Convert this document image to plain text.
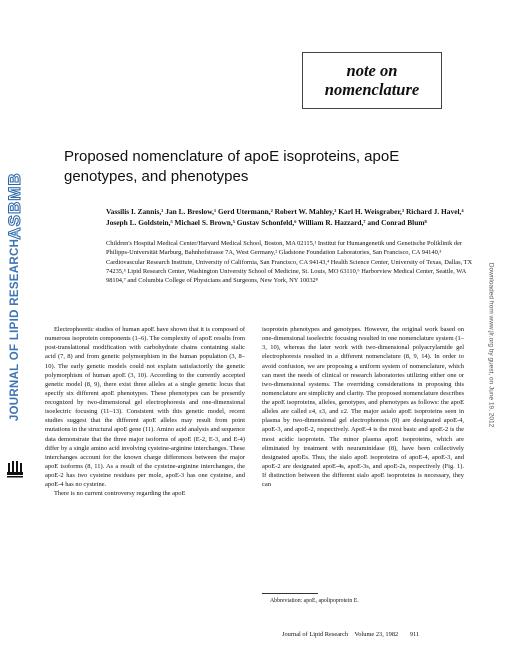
ASBMB
JOURNAL OF LIPID RESEARCH	Downloaded from www.jlr.org by guest, on June 19, 2012
note on
nomenclature
Proposed nomenclature of apoE isoproteins, apoE genotypes, and phenotypes
Vassilis I. Zannis,¹ Jan L. Breslow,¹ Gerd Utermann,² Robert W. Mahley,³ Karl H. Weisgraber,³ Richard J. Havel,⁴ Joseph L. Goldstein,⁵ Michael S. Brown,⁵ Gustav Schonfeld,⁶ William R. Hazzard,⁷ and Conrad Blum⁸
Children's Hospital Medical Center/Harvard Medical School, Boston, MA 02115,¹ Institut fur Humangenetik und Genetische Poliklinik der Philipps-Universität Marburg, Bahnhofstrasse 7A, West Germany,² Gladstone Foundation Laboratories, San Francisco, CA 94140,³ Cardiovascular Research Institute, University of California, San Francisco, CA 94143,⁴ Health Science Center, University of Texas, Dallas, TX 74235,⁵ Lipid Research Center, Washington University School of Medicine, St. Louis, MO 63110,⁶ Harborview Medical Center, Seattle, WA 98104,⁷ and Columbia College of Physicians and Surgeons, New York, NY 10032⁸

Electrophoretic studies of human apoE have shown that it is composed of numerous isoprotein components (1–6). The complexity of apoE results from post-translational modification with carbohydrate chains containing sialic acid (7, 8) and from genetic polymorphism in the human population (3, 8–10). The early genetic models could not explain satisfactorily the genetic polymorphism of human apoE (3, 10). According to the currently accepted genetic model (8, 9), there exist three alleles at a single genetic locus that specify six different apoE phenotypes. These phenotypes can be presently recognized by two-dimensional gel electrophoresis and one-dimensional isoelectric focusing (11–13). Consistent with this genetic model, recent studies suggest that the different apoE alleles may result from point mutations in the structural apoE gene (11). Amino acid analysis and sequence data demonstrate that the three major isoforms of apoE (E-2, E-3, and E-4) differ by a single amino acid involving cysteine-arginine interchanges. These interchanges account for the known charge differences between the major apoE isoforms (8, 11). As a result of the cysteine-arginine interchanges, the apoE-2 has two cysteine residues per mole, apoE-3 has one cysteine, and apoE-4 has no cysteine.

There is no current controversy regarding the apoE

isoprotein phenotypes and genotypes. However, the original work based on one-dimensional isoelectric focusing resulted in one nomenclature system (1–3, 10), whereas the later work with two-dimensional polyacrylamide gel electrophoresis resulted in a different nomenclature (8, 9, 14). In order to avoid confusion, we are proposing a uniform system of nomenclature, which can meet the needs of clinical or research laboratories utilizing either one or two-dimensional systems. The overriding considerations in proposing this nomenclature are simplicity and clarity. The proposed nomenclature describes the apoE isoproteins, alleles, genotypes, and phenotypes as follows: the apoE alleles are called ε4, ε3, and ε2. The major asialo apoE isoproteins seen in plasma by two-dimensional gel electrophoresis (9) are designated apoE-4, apoE-3, and apoE-2, respectively. ApoE-4 is the most basic and apoE-2 is the most acidic isoprotein. The minor plasma apoE isoproteins, which are eliminated by treatment with neuraminidase (8), have been collectively designated apoEs. Thus, the sialo apoE isoproteins of apoE-4, apoE-3, and apoE-2 are designated apoE-4s, apoE-3s, and apoE-2s, respectively (Fig. 1). If distinction between the different sialo apoE isoproteins is necessary, they can

Abbreviation: apoE, apolipoprotein E.
Journal of Lipid Research Volume 23, 1982 911
